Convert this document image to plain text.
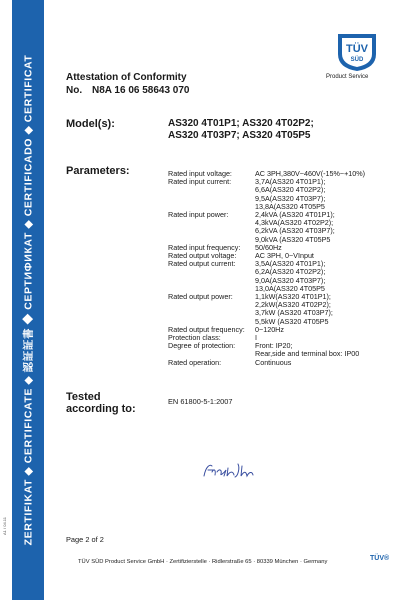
A1 / 04.11 ZERTIFIKAT ◆ CERTIFICATE ◆ 認証証書 ◆ СЕРТИФИКАТ ◆ CERTIFICADO ◆ CERTIFICAT
TÜV
SÜD
Product Service
Attestation of Conformity
No. N8A 16 06 58643 070
Model(s):	AS320 4T01P1; AS320 4T02P2;
AS320 4T03P7; AS320 4T05P5
Parameters:	Rated input voltage:	AC 3PH,380V~460V(-15%~+10%)
Rated input current:	3,7A(AS320 4T01P1);
6,6A(AS320 4T02P2);
9,5A(AS320 4T03P7);
13,8A(AS320 4T05P5
Rated input power:	2,4kVA (AS320 4T01P1);
4,3kVA(AS320 4T02P2);
6,2kVA (AS320 4T03P7);
9,0kVA (AS320 4T05P5
Rated input frequency:	50/60Hz
Rated output voltage:	AC 3PH, 0~VInput
Rated output current:	3,5A(AS320 4T01P1);
6,2A(AS320 4T02P2);
9,0A(AS320 4T03P7);
13,0A(AS320 4T05P5
Rated output power:	1,1kW(AS320 4T01P1);
2,2kW(AS320 4T02P2);
3,7kW (AS320 4T03P7);
5,5kW (AS320 4T05P5
Rated output frequency:	0~120Hz
Protection class:	I
Degree of protection:	Front: IP20;
Rear,side and terminal box: IP00
Rated operation:	Continuous
Tested
according to:
EN 61800-5-1:2007
Page 2 of 2
TÜV SÜD Product Service GmbH · Zertifizierstelle · Ridlerstraße 65 · 80339 München · Germany	TÜV®
